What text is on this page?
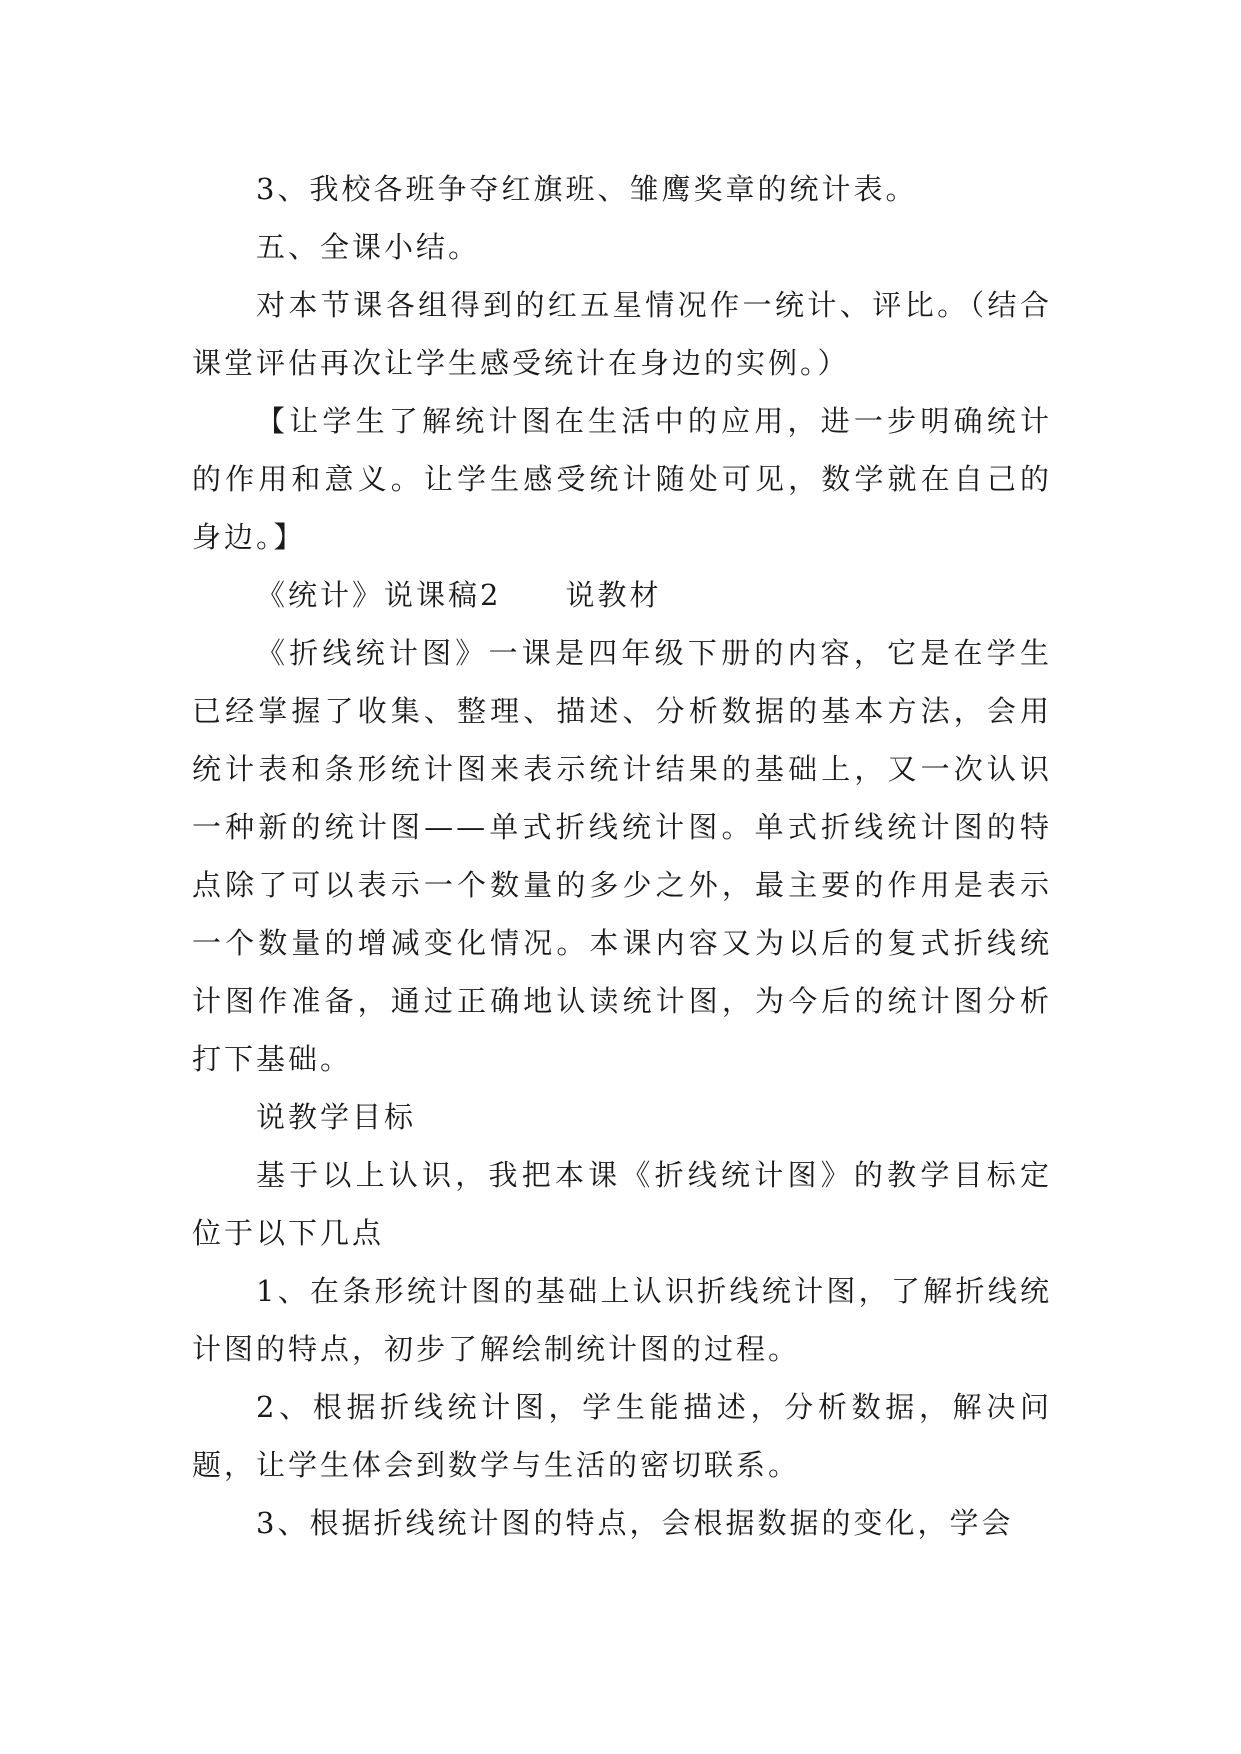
3、我校各班争夺红旗班、雏鹰奖章的统计表。

五、全课小结。

对本节课各组得到的红五星情况作一统计、评比。（结合课堂评估再次让学生感受统计在身边的实例。）

【让学生了解统计图在生活中的应用，进一步明确统计的作用和意义。让学生感受统计随处可见，数学就在自己的身边。】

《统计》说课稿2　　说教材

《折线统计图》一课是四年级下册的内容，它是在学生已经掌握了收集、整理、描述、分析数据的基本方法，会用统计表和条形统计图来表示统计结果的基础上，又一次认识一种新的统计图——单式折线统计图。单式折线统计图的特点除了可以表示一个数量的多少之外，最主要的作用是表示一个数量的增减变化情况。本课内容又为以后的复式折线统计图作准备，通过正确地认读统计图，为今后的统计图分析打下基础。

说教学目标

基于以上认识，我把本课《折线统计图》的教学目标定位于以下几点

1、在条形统计图的基础上认识折线统计图，了解折线统计图的特点，初步了解绘制统计图的过程。

2、根据折线统计图，学生能描述，分析数据，解决问题，让学生体会到数学与生活的密切联系。

3、根据折线统计图的特点，会根据数据的变化，学会
